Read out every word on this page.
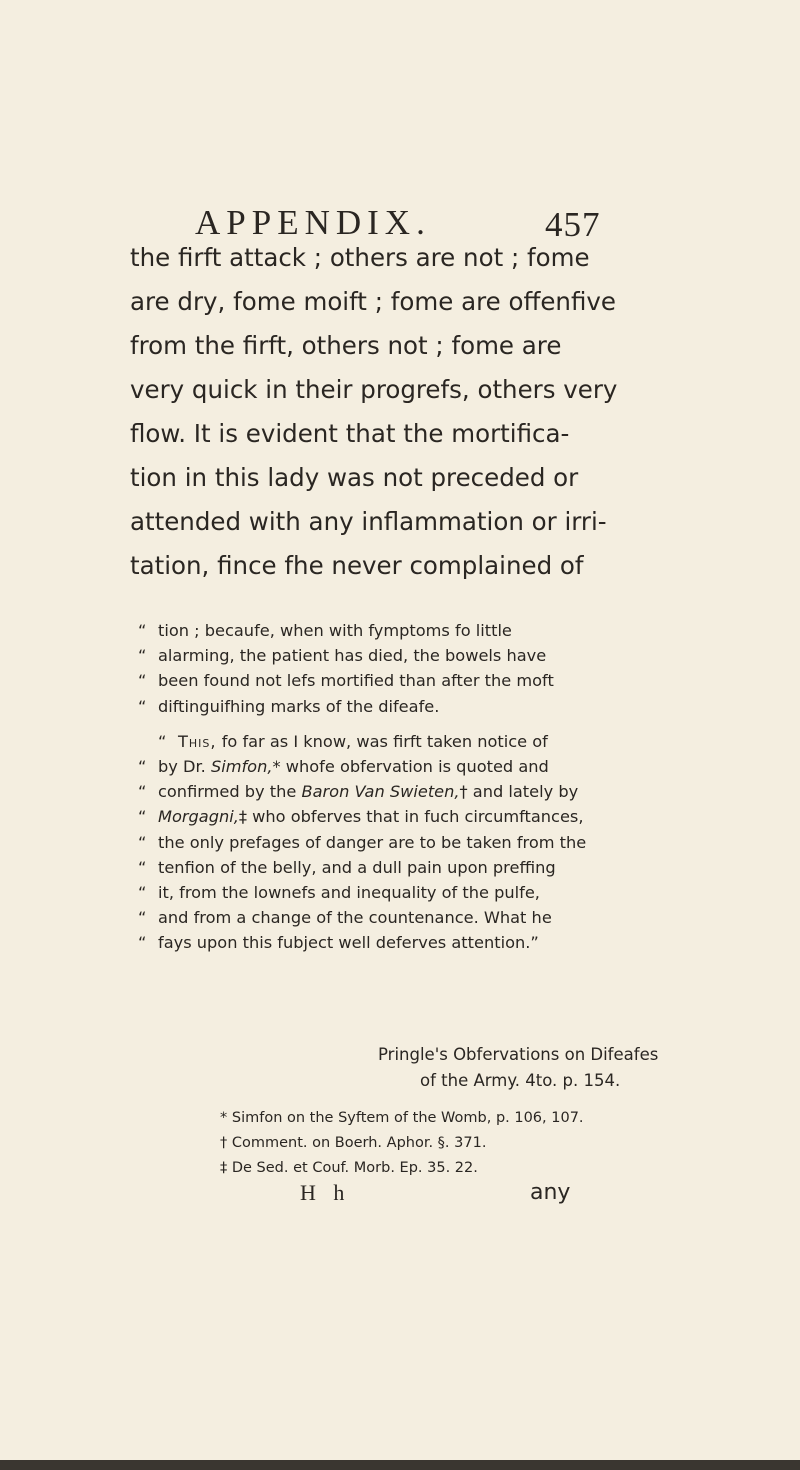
APPENDIX.	457
the firft attack ; others are not ; fome
are dry, fome moift ; fome are offenfive
from the firft, others not ; fome are
very quick in their progrefs, others very
flow. It is evident that the mortifica-
tion in this lady was not preceded or
attended with any inflammation or irri-
tation, fince fhe never complained of
“ tion ; becaufe, when with fymptoms fo little
“ alarming, the patient has died, the bowels have
“ been found not lefs mortified than after the moft
“ diftinguifhing marks of the difeafe.
“ This, fo far as I know, was firft taken notice of
“ by Dr. Simfon,* whofe obfervation is quoted and
“ confirmed by the Baron Van Swieten,† and lately by
“ Morgagni,‡ who obferves that in fuch circumftances,
“ the only prefages of danger are to be taken from the
“ tenfion of the belly, and a dull pain upon preffing
“ it, from the lownefs and inequality of the pulfe,
“ and from a change of the countenance. What he
“ fays upon this fubject well deferves attention.”
Pringle's Obfervations on Difeafes
of the Army. 4to. p. 154.
* Simfon on the Syftem of the Womb, p. 106, 107.
† Comment. on Boerh. Aphor. §. 371.
‡ De Sed. et Couf. Morb. Ep. 35. 22.
H h	any
